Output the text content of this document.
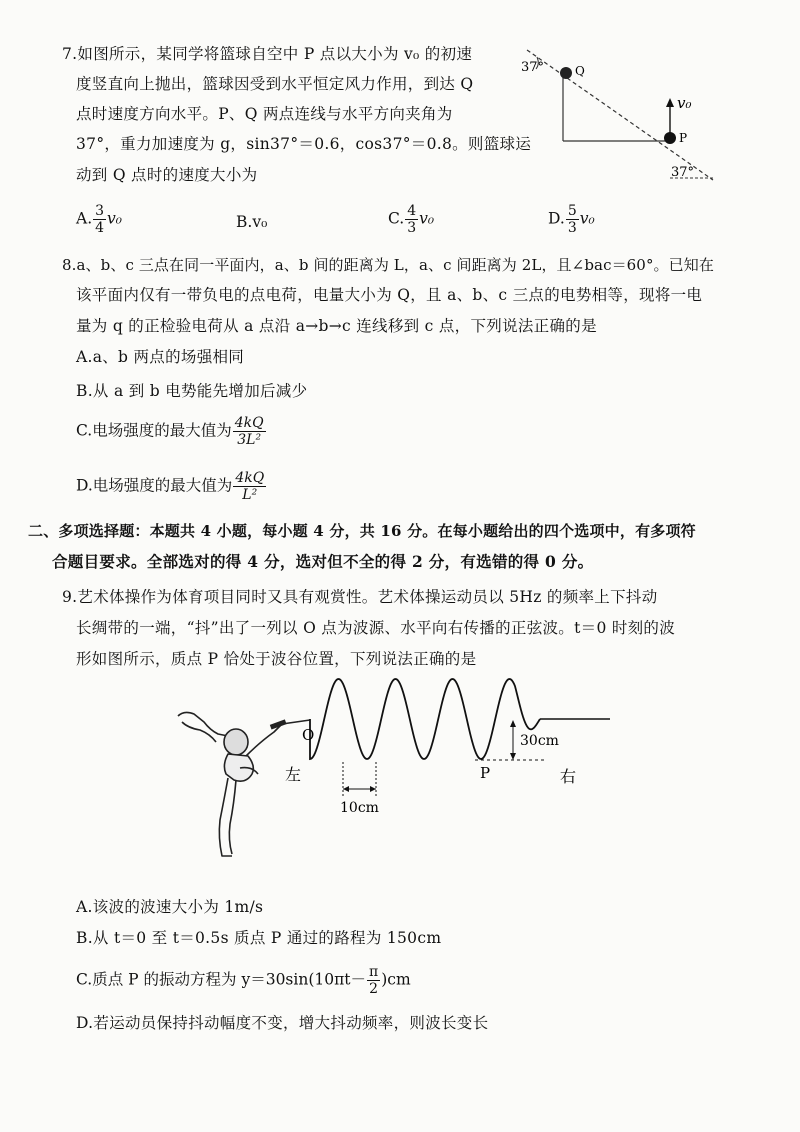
7.如图所示，某同学将篮球自空中 P 点以大小为 v₀ 的初速
度竖直向上抛出，篮球因受到水平恒定风力作用，到达 Q
点时速度方向水平。P、Q 两点连线与水平方向夹角为
37°，重力加速度为 g，sin37°＝0.6，cos37°＝0.8。则篮球运
动到 Q 点时的速度大小为
A. $\frac{3}{4} v_0$	B.v₀	C. $\frac{4}{3} v_0$	D. $\frac{5}{3} v_0$
37°	Q
P
v₀
37°
8.a、b、c 三点在同一平面内，a、b 间的距离为 L，a、c 间距离为 2L，且∠bac＝60°。已知在
该平面内仅有一带负电的点电荷，电量大小为 Q，且 a、b、c 三点的电势相等，现将一电
量为 q 的正检验电荷从 a 点沿 a→b→c 连线移到 c 点，下列说法正确的是
A.a、b 两点的场强相同
B.从 a 到 b 电势能先增加后减少
C.电场强度的最大值为 $\frac{4kQ}{\text{3L²}}$
D.电场强度的最大值为 $\frac{4kQ}{\text{L²}}$
二、多项选择题：本题共 4 小题，每小题 4 分，共 16 分。在每小题给出的四个选项中，有多项符
合题目要求。全部选对的得 4 分，选对但不全的得 2 分，有选错的得 0 分。
9.艺术体操作为体育项目同时又具有观赏性。艺术体操运动员以 5Hz 的频率上下抖动
长绸带的一端，“抖”出了一列以 O 点为波源、水平向右传播的正弦波。t＝0 时刻的波
形如图所示，质点 P 恰处于波谷位置，下列说法正确的是
30cm
10cm
O
P
左	右
A.该波的波速大小为 1m/s
B.从 t＝0 至 t＝0.5s 质点 P 通过的路程为 150cm
C.质点 P 的振动方程为 $y=30\sin(10\pi t- \frac{\pi}{2} )cm$
D.若运动员保持抖动幅度不变，增大抖动频率，则波长变长
